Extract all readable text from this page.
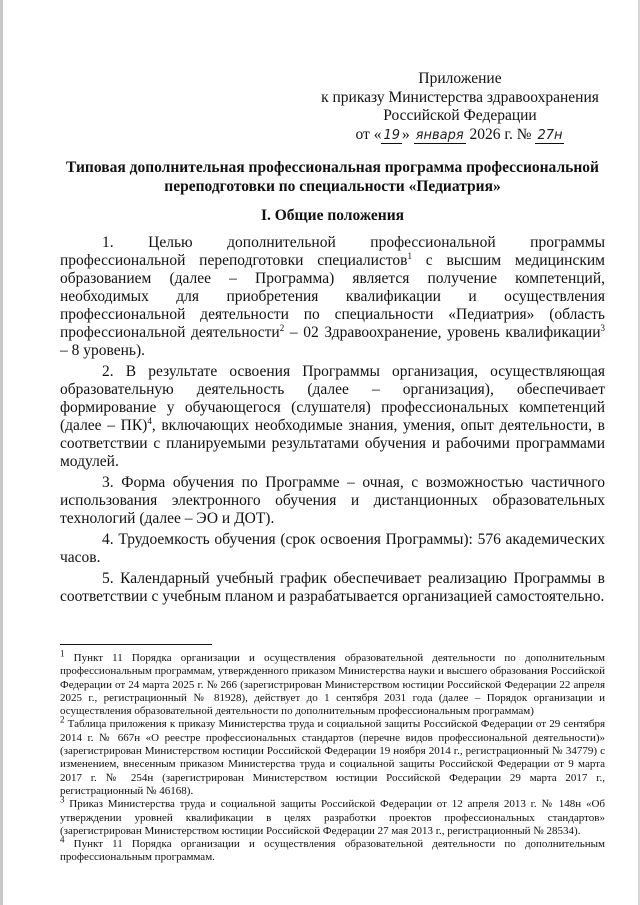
Приложение
к приказу Министерства здравоохранения
Российской Федерации
от « 19 » января 2026 г. № 27н
Типовая дополнительная профессиональная программа профессиональной переподготовки по специальности «Педиатрия»
I. Общие положения

1. Целью дополнительной профессиональной программы профессиональной переподготовки специалистов$^1$ с высшим медицинским образованием (далее – Программа) является получение компетенций, необходимых для приобретения квалификации и осуществления профессиональной деятельности по специальности «Педиатрия» (область профессиональной деятельности$^2$ – 02 Здравоохранение, уровень квалификации$^3$ – 8 уровень).

2. В результате освоения Программы организация, осуществляющая образовательную деятельность (далее – организация), обеспечивает формирование у обучающегося (слушателя) профессиональных компетенций (далее – ПК)$^4$, включающих необходимые знания, умения, опыт деятельности, в соответствии с планируемыми результатами обучения и рабочими программами модулей.

3. Форма обучения по Программе – очная, с возможностью частичного использования электронного обучения и дистанционных образовательных технологий (далее – ЭО и ДОТ).

4. Трудоемкость обучения (срок освоения Программы): 576 академических часов.

5. Календарный учебный график обеспечивает реализацию Программы в соответствии с учебным планом и разрабатывается организацией самостоятельно.

$^1$ Пункт 11 Порядка организации и осуществления образовательной деятельности по дополнительным профессиональным программам, утвержденного приказом Министерства науки и высшего образования Российской Федерации от 24 марта 2025 г. № 266 (зарегистрирован Министерством юстиции Российской Федерации 22 апреля 2025 г., регистрационный № 81928), действует до 1 сентября 2031 года (далее – Порядок организации и осуществления образовательной деятельности по дополнительным профессиональным программам)

$^2$ Таблица приложения к приказу Министерства труда и социальной защиты Российской Федерации от 29 сентября 2014 г. № 667н «О реестре профессиональных стандартов (перечне видов профессиональной деятельности)» (зарегистрирован Министерством юстиции Российской Федерации 19 ноября 2014 г., регистрационный № 34779) с изменением, внесенным приказом Министерства труда и социальной защиты Российской Федерации от 9 марта 2017 г. № 254н (зарегистрирован Министерством юстиции Российской Федерации 29 марта 2017 г., регистрационный № 46168).

$^3$ Приказ Министерства труда и социальной защиты Российской Федерации от 12 апреля 2013 г. № 148н «Об утверждении уровней квалификации в целях разработки проектов профессиональных стандартов» (зарегистрирован Министерством юстиции Российской Федерации 27 мая 2013 г., регистрационный № 28534).

$^4$ Пункт 11 Порядка организации и осуществления образовательной деятельности по дополнительным профессиональным программам.
